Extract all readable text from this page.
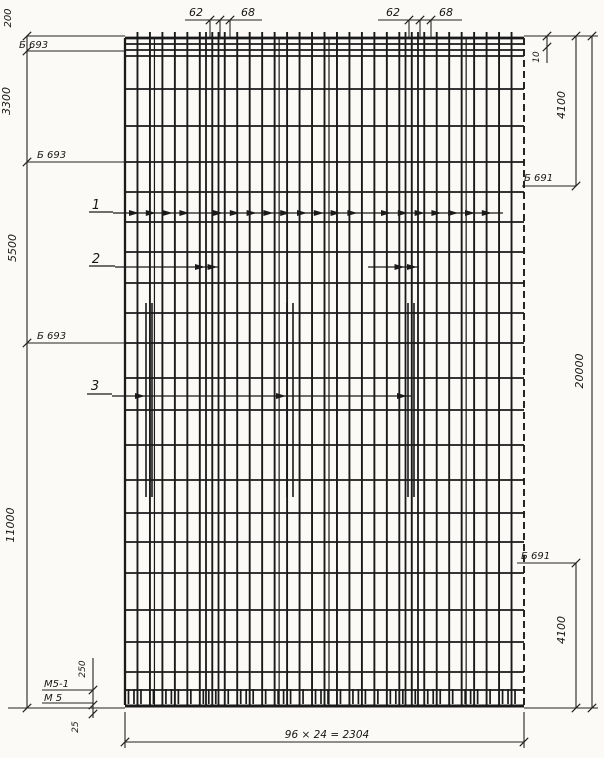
200
3300
5500
11000
Б 693
Б 693
Б 693
62	68	62	68
10
4100
Б 691
20000
Б 691
4100
1
2
3
М5-1
М 5
250
25
96 × 24 = 2304
